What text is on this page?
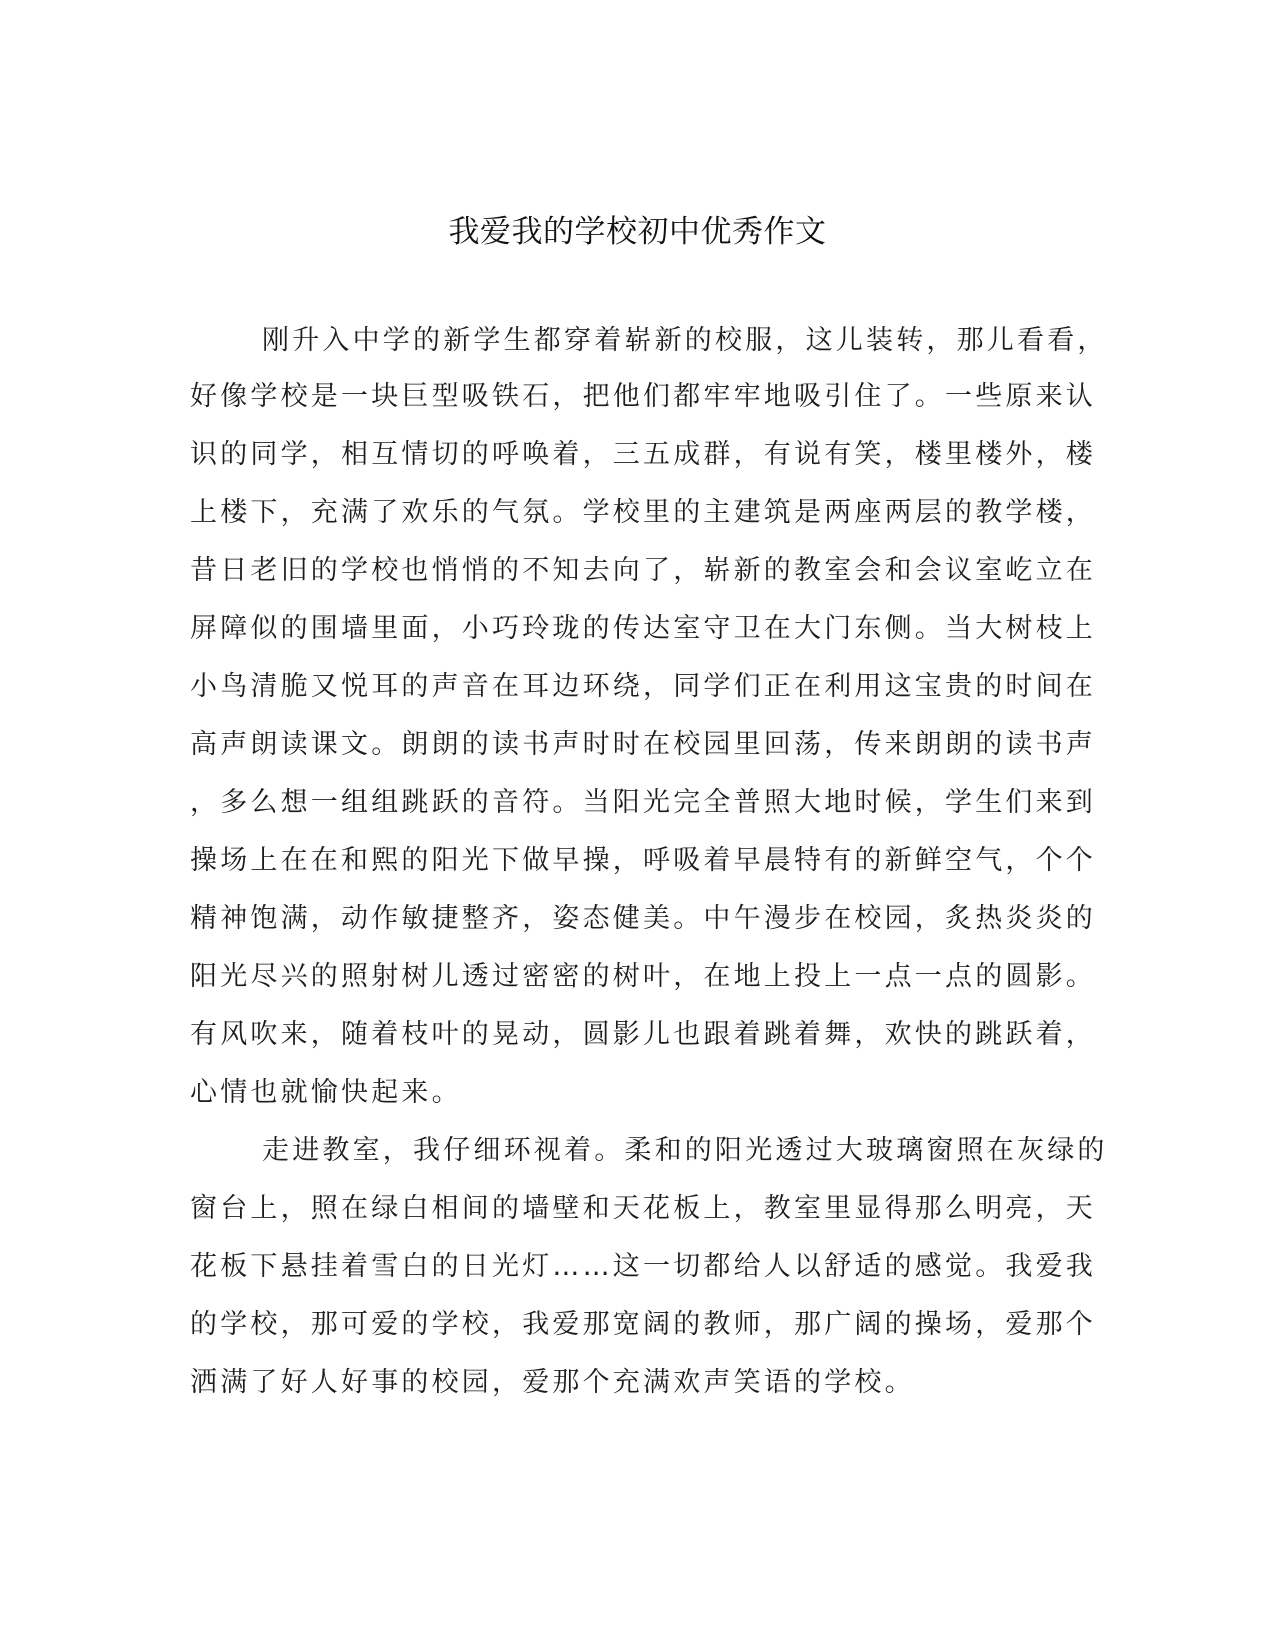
我爱我的学校初中优秀作文
刚升入中学的新学生都穿着崭新的校服，这儿装转，那儿看看，
好像学校是一块巨型吸铁石，把他们都牢牢地吸引住了。一些原来认
识的同学，相互情切的呼唤着，三五成群，有说有笑，楼里楼外，楼
上楼下，充满了欢乐的气氛。学校里的主建筑是两座两层的教学楼，
昔日老旧的学校也悄悄的不知去向了，崭新的教室会和会议室屹立在
屏障似的围墙里面，小巧玲珑的传达室守卫在大门东侧。当大树枝上
小鸟清脆又悦耳的声音在耳边环绕，同学们正在利用这宝贵的时间在
高声朗读课文。朗朗的读书声时时在校园里回荡，传来朗朗的读书声
，多么想一组组跳跃的音符。当阳光完全普照大地时候，学生们来到
操场上在在和熙的阳光下做早操，呼吸着早晨特有的新鲜空气，个个
精神饱满，动作敏捷整齐，姿态健美。中午漫步在校园，炙热炎炎的
阳光尽兴的照射树儿透过密密的树叶，在地上投上一点一点的圆影。
有风吹来，随着枝叶的晃动，圆影儿也跟着跳着舞，欢快的跳跃着，
心情也就愉快起来。
走进教室，我仔细环视着。柔和的阳光透过大玻璃窗照在灰绿的
窗台上，照在绿白相间的墙壁和天花板上，教室里显得那么明亮，天
花板下悬挂着雪白的日光灯……这一切都给人以舒适的感觉。我爱我
的学校，那可爱的学校，我爱那宽阔的教师，那广阔的操场，爱那个
洒满了好人好事的校园，爱那个充满欢声笑语的学校。
